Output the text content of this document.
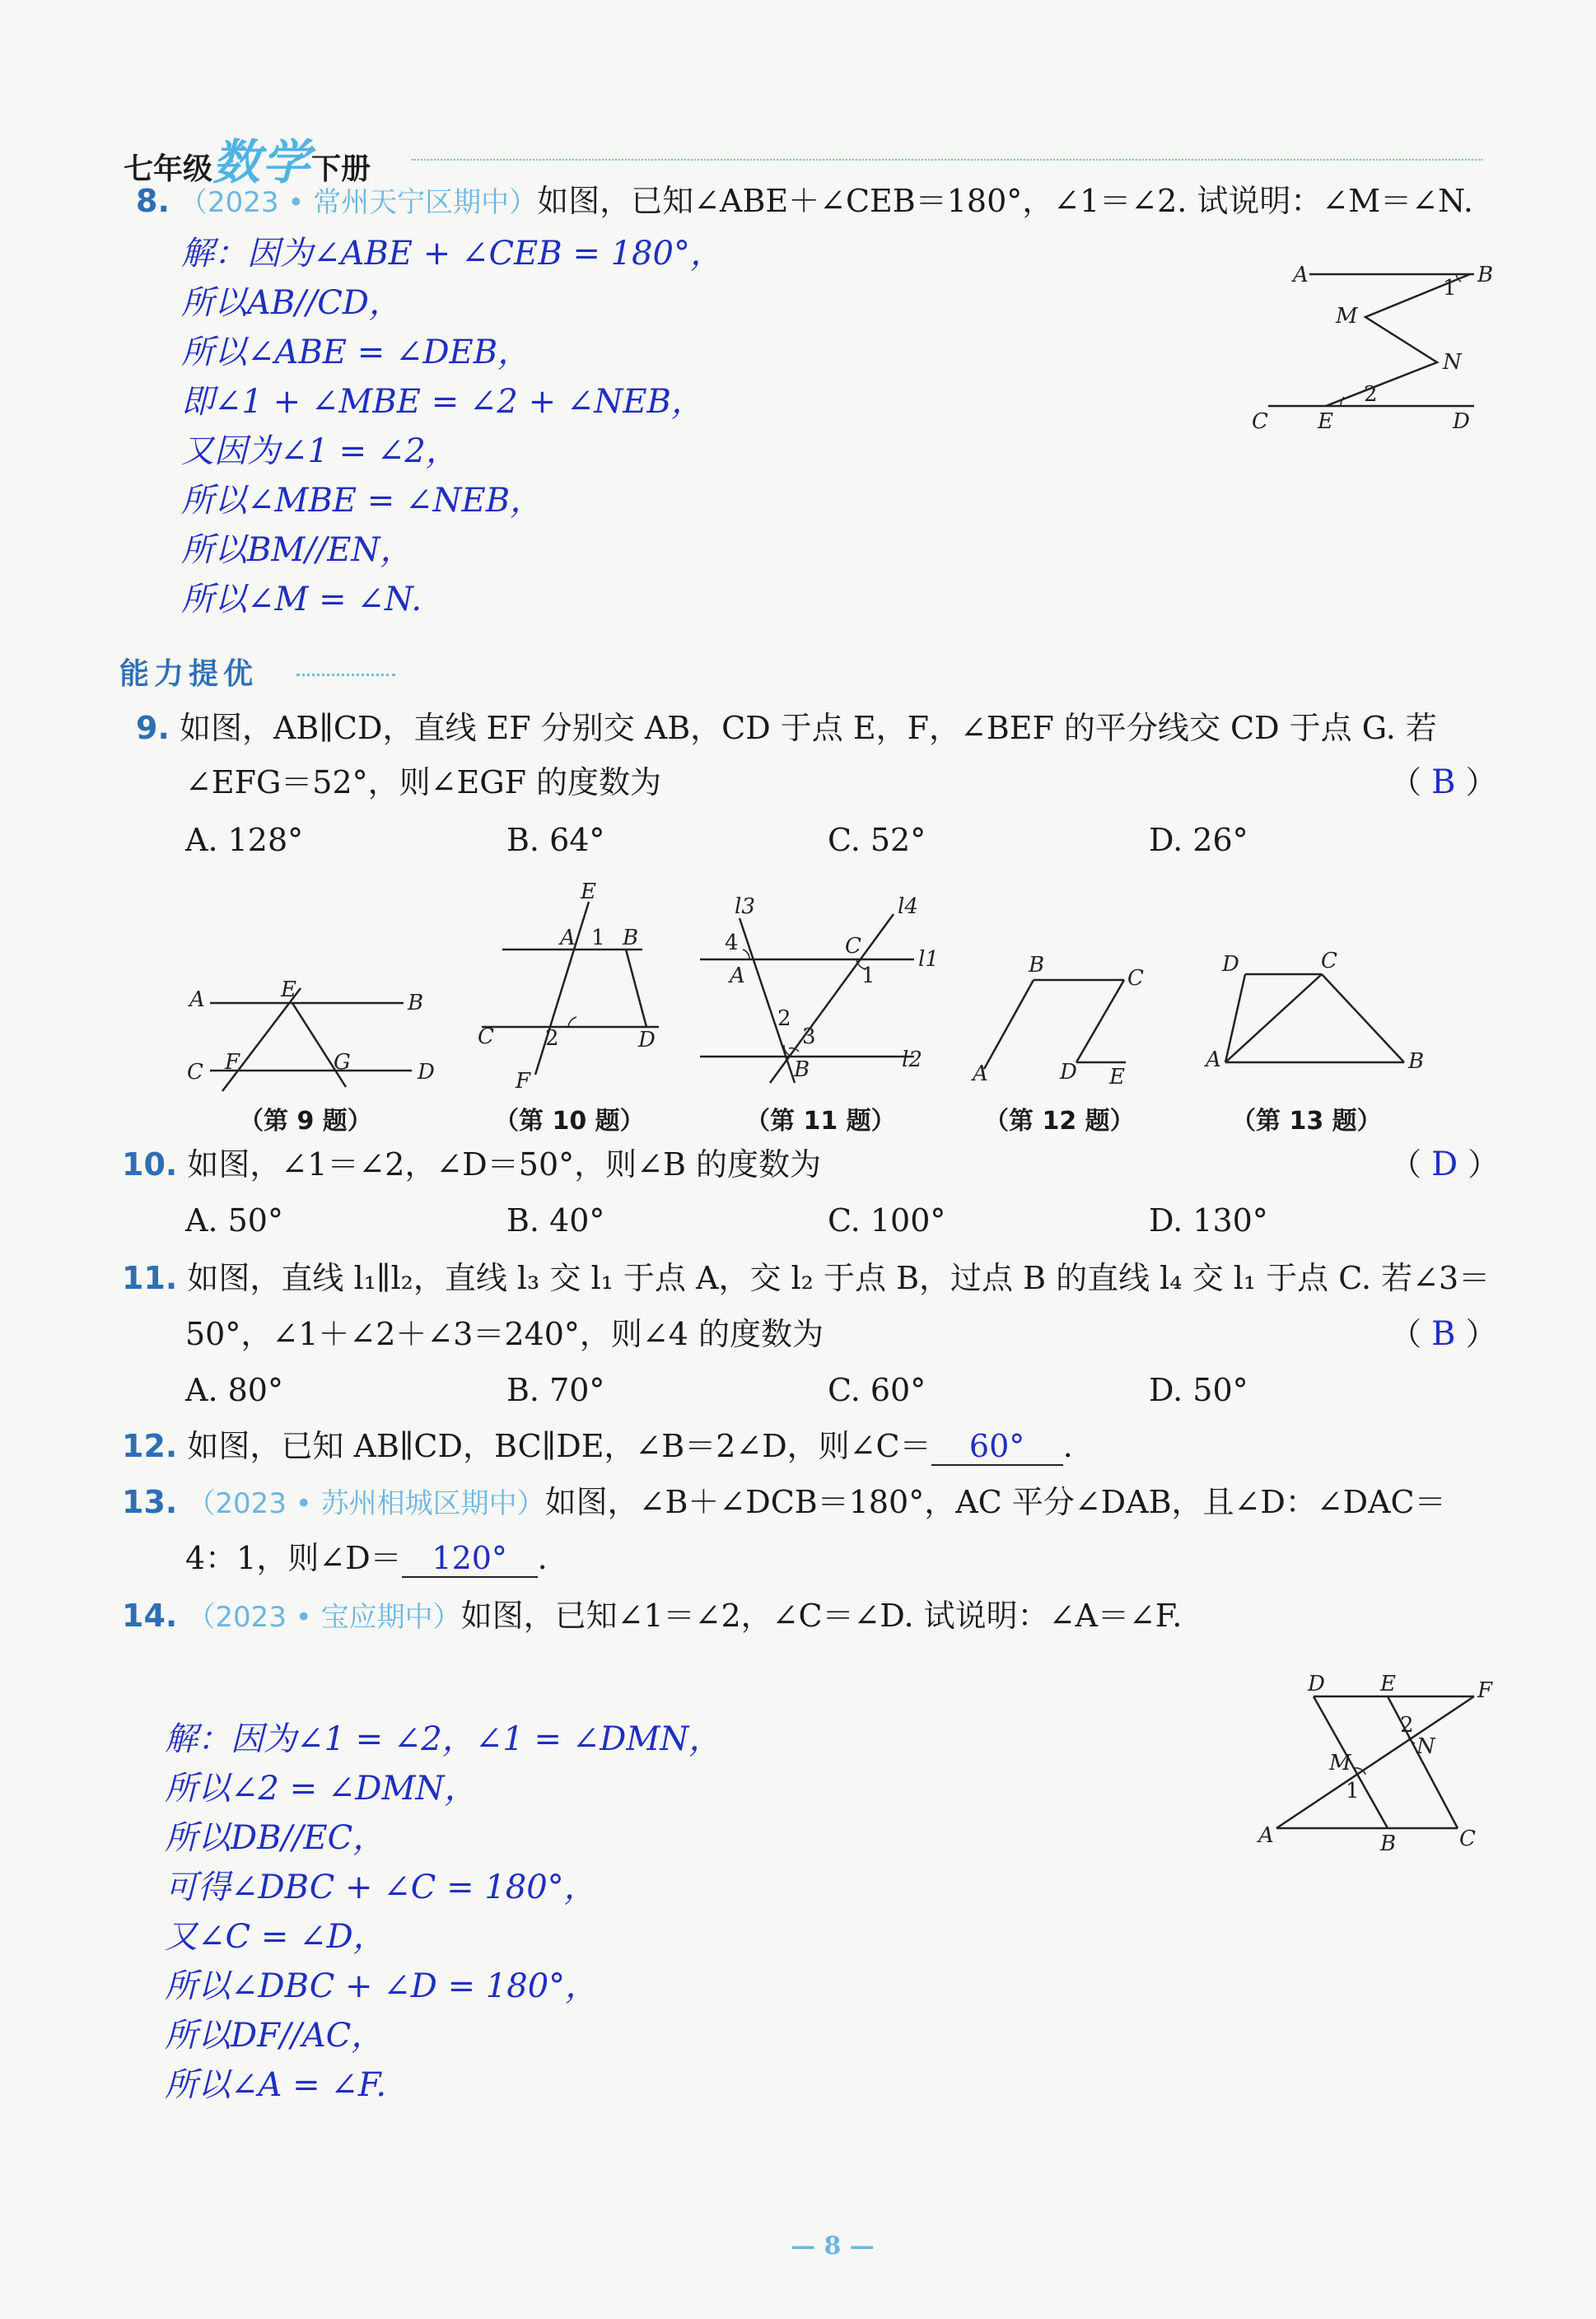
七年级数学下册
8. （2023 • 常州天宁区期中）如图，已知∠ABE＋∠CEB＝180°，∠1＝∠2. 试说明：∠M＝∠N.
解：因为∠ABE + ∠CEB = 180°，
所以AB//CD，
所以∠ABE = ∠DEB，
即∠1 + ∠MBE = ∠2 + ∠NEB，
又因为∠1 = ∠2，
所以∠MBE = ∠NEB，
所以BM//EN，
所以∠M = ∠N.
A	B
1
M
N
2
C E	D
能力提优
9. 如图，AB∥CD，直线 EF 分别交 AB，CD 于点 E，F，∠BEF 的平分线交 CD 于点 G. 若
∠EFG＝52°，则∠EGF 的度数为	（ B ）
A. 128°	B. 64°	C. 52°	D. 26°
A	E
B
C F	G	D
E
A 1 B
C 2	D
F
l3	l4
4	C
A	1
l1
2
3
B	l2
B
C
A	D E
D	C
A	B
（第 9 题）	（第 10 题）	（第 11 题）	（第 12 题）	（第 13 题）
10. 如图，∠1＝∠2，∠D＝50°，则∠B 的度数为	（ D ）
A. 50°	B. 40°	C. 100°	D. 130°
11. 如图，直线 l₁∥l₂，直线 l₃ 交 l₁ 于点 A，交 l₂ 于点 B，过点 B 的直线 l₄ 交 l₁ 于点 C. 若∠3＝
50°，∠1＋∠2＋∠3＝240°，则∠4 的度数为	（ B ）
A. 80°	B. 70°	C. 60°	D. 50°
12. 如图，已知 AB∥CD，BC∥DE，∠B＝2∠D，则∠C＝ 60° .
13. （2023 • 苏州相城区期中）如图，∠B＋∠DCB＝180°，AC 平分∠DAB，且∠D：∠DAC＝
4：1，则∠D＝ 120° .
14. （2023 • 宝应期中）如图，已知∠1＝∠2，∠C＝∠D. 试说明：∠A＝∠F.
解：因为∠1 = ∠2，∠1 = ∠DMN，
所以∠2 = ∠DMN，
所以DB//EC，
可得∠DBC + ∠C = 180°，
又∠C = ∠D，
所以∠DBC + ∠D = 180°，
所以DF//AC，
所以∠A = ∠F.
D	E	F
2
N
M
1
A	B	C
— 8 —
